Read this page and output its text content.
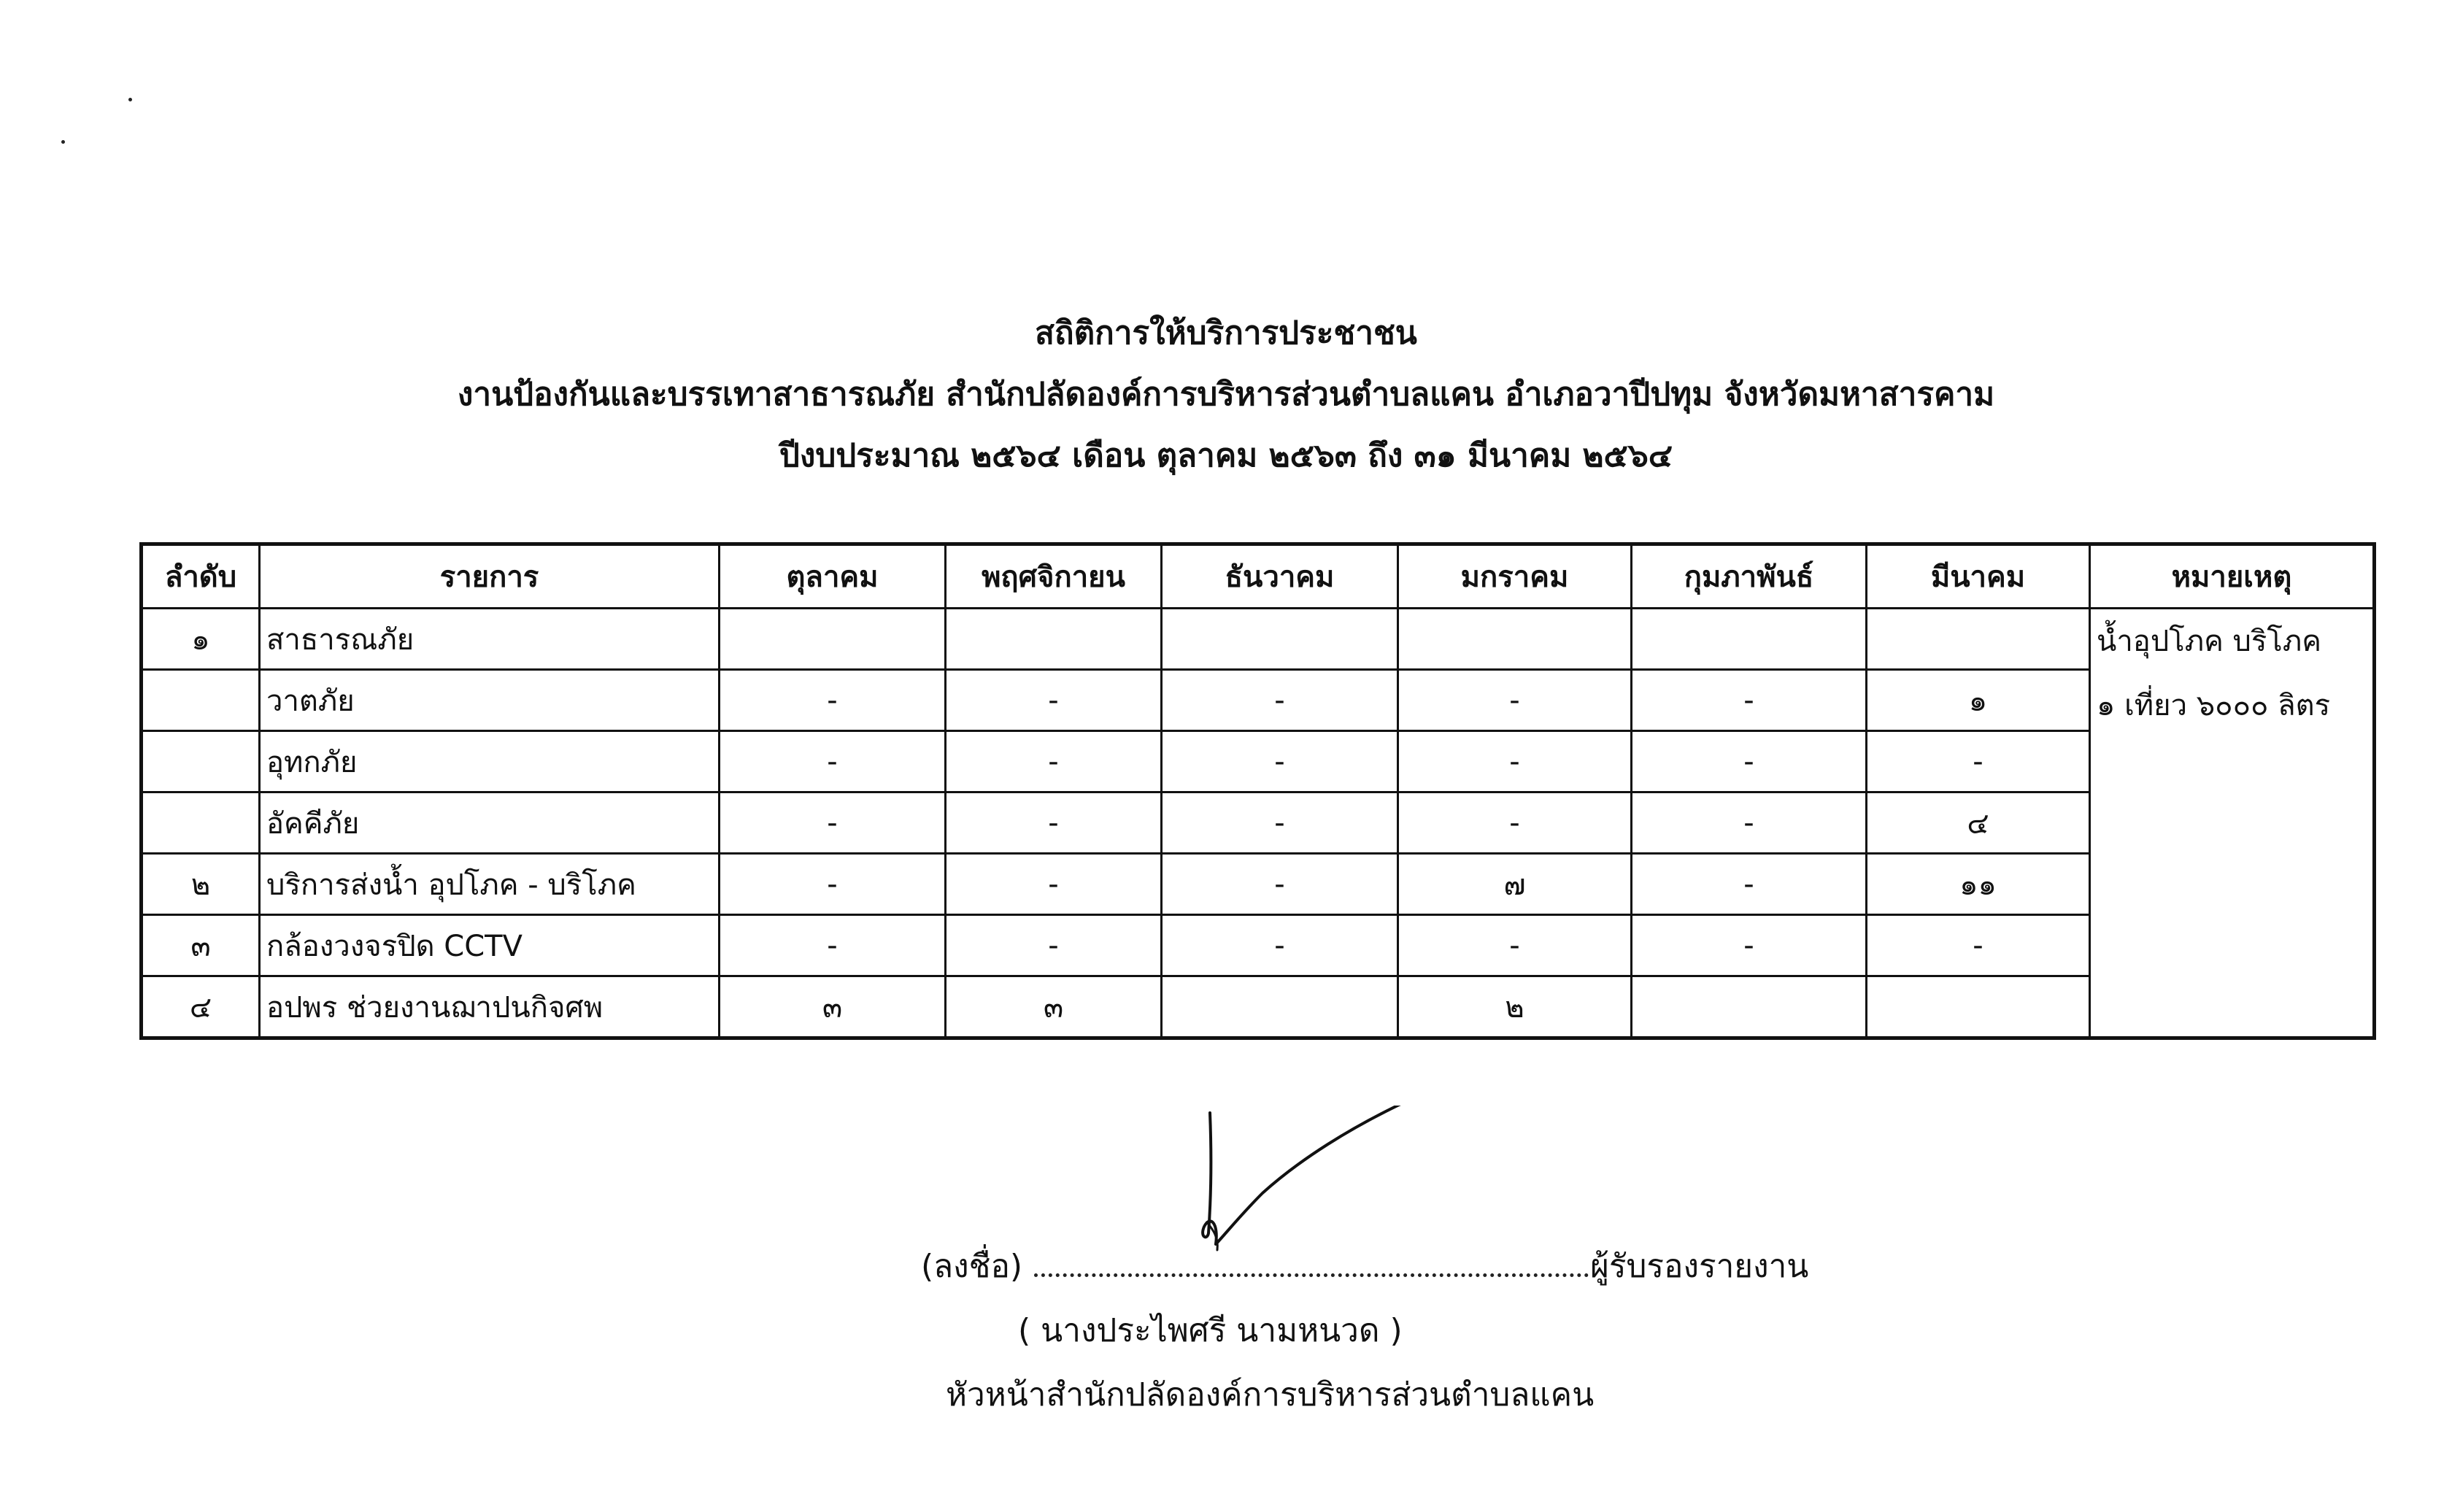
สถิติการให้บริการประชาชน
งานป้องกันและบรรเทาสาธารณภัย สำนักปลัดองค์การบริหารส่วนตำบลแคน อำเภอวาปีปทุม จังหวัดมหาสารคาม
ปีงบประมาณ ๒๕๖๔ เดือน ตุลาคม ๒๕๖๓ ถึง ๓๑ มีนาคม ๒๕๖๔
ลำดับ	รายการ	ตุลาคม	พฤศจิกายน	ธันวาคม	มกราคม	กุมภาพันธ์	มีนาคม	หมายเหตุ
๑	สาธารณภัย							น้ำอุปโภค บริโภค
๑ เที่ยว ๖๐๐๐ ลิตร

	วาตภัย	-	-	-	-	-	๑	
	อุทกภัย	-	-	-	-	-	-	
	อัคคีภัย	-	-	-	-	-	๔	
๒	บริการส่งน้ำ อุปโภค - บริโภค	-	-	-	๗	-	๑๑	
๓	กล้องวงจรปิด CCTV	-	-	-	-	-	-	
๔	อปพร ช่วยงานฌาปนกิจศพ	๓	๓		๒			
(ลงชื่อ)	ผู้รับรองรายงาน
( นางประไพศรี นามหนวด )
หัวหน้าสำนักปลัดองค์การบริหารส่วนตำบลแคน
